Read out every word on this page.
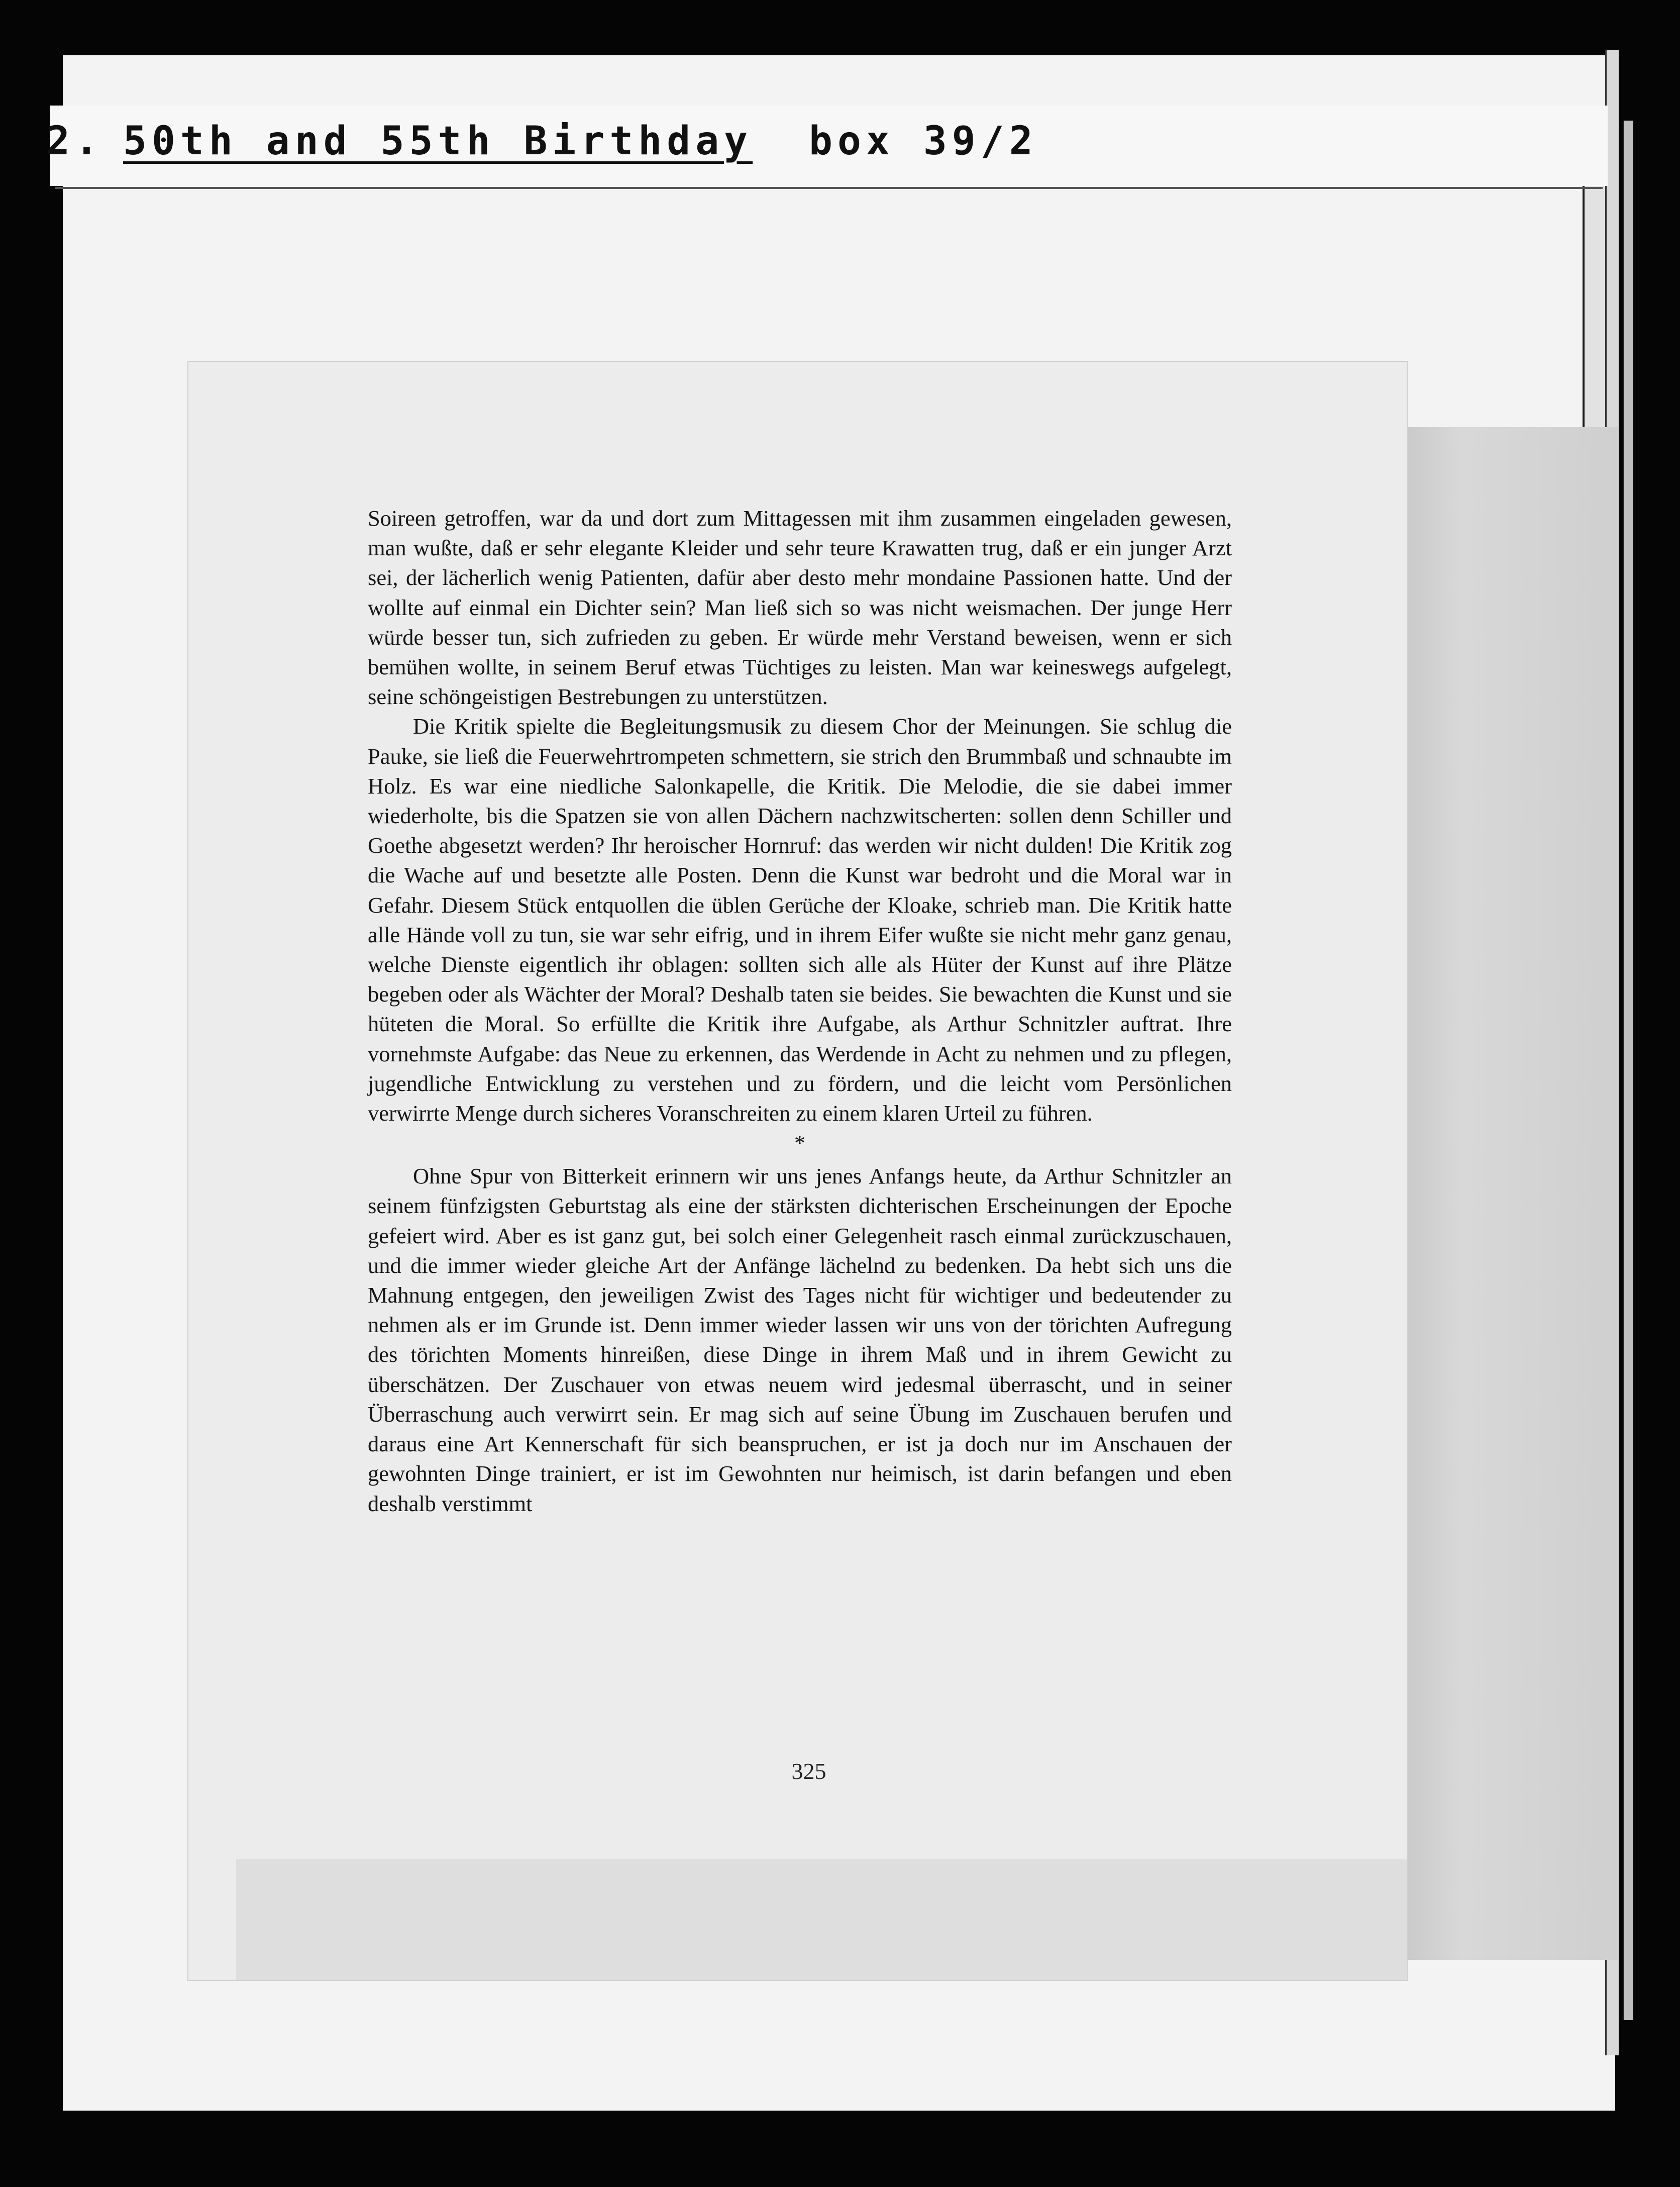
2. 50th and 55th Birthday box 39/2

Soireen getroffen, war da und dort zum Mittagessen mit ihm zusammen eingeladen gewesen, man wußte, daß er sehr elegante Kleider und sehr teure Krawatten trug, daß er ein junger Arzt sei, der lächerlich wenig Patienten, dafür aber desto mehr mondaine Passionen hatte. Und der wollte auf einmal ein Dichter sein? Man ließ sich so was nicht weismachen. Der junge Herr würde besser tun, sich zufrieden zu geben. Er würde mehr Verstand beweisen, wenn er sich bemühen wollte, in seinem Beruf etwas Tüchtiges zu leisten. Man war keineswegs aufgelegt, seine schöngeistigen Bestrebungen zu unterstützen.

Die Kritik spielte die Begleitungsmusik zu diesem Chor der Meinungen. Sie schlug die Pauke, sie ließ die Feuerwehrtrompeten schmettern, sie strich den Brummbaß und schnaubte im Holz. Es war eine niedliche Salonkapelle, die Kritik. Die Melodie, die sie dabei immer wiederholte, bis die Spatzen sie von allen Dächern nachzwitscherten: sollen denn Schiller und Goethe abgesetzt werden? Ihr heroischer Hornruf: das werden wir nicht dulden! Die Kritik zog die Wache auf und besetzte alle Posten. Denn die Kunst war bedroht und die Moral war in Gefahr. Diesem Stück entquollen die üblen Gerüche der Kloake, schrieb man. Die Kritik hatte alle Hände voll zu tun, sie war sehr eifrig, und in ihrem Eifer wußte sie nicht mehr ganz genau, welche Dienste eigentlich ihr oblagen: sollten sich alle als Hüter der Kunst auf ihre Plätze begeben oder als Wächter der Moral? Deshalb taten sie beides. Sie bewachten die Kunst und sie hüteten die Moral. So erfüllte die Kritik ihre Aufgabe, als Arthur Schnitzler auftrat. Ihre vornehmste Aufgabe: das Neue zu erkennen, das Werdende in Acht zu nehmen und zu pflegen, jugendliche Entwicklung zu verstehen und zu fördern, und die leicht vom Persönlichen verwirrte Menge durch sicheres Voranschreiten zu einem klaren Urteil zu führen.

*

Ohne Spur von Bitterkeit erinnern wir uns jenes Anfangs heute, da Arthur Schnitzler an seinem fünfzigsten Geburtstag als eine der stärksten dichterischen Erscheinungen der Epoche gefeiert wird. Aber es ist ganz gut, bei solch einer Gelegenheit rasch einmal zurückzuschauen, und die immer wieder gleiche Art der Anfänge lächelnd zu bedenken. Da hebt sich uns die Mahnung entgegen, den jeweiligen Zwist des Tages nicht für wichtiger und bedeutender zu nehmen als er im Grunde ist. Denn immer wieder lassen wir uns von der törichten Aufregung des törichten Moments hinreißen, diese Dinge in ihrem Maß und in ihrem Gewicht zu überschätzen. Der Zuschauer von etwas neuem wird jedesmal überrascht, und in seiner Überraschung auch verwirrt sein. Er mag sich auf seine Übung im Zuschauen berufen und daraus eine Art Kennerschaft für sich beanspruchen, er ist ja doch nur im Anschauen der gewohnten Dinge trainiert, er ist im Gewohnten nur heimisch, ist darin befangen und eben deshalb verstimmt

325
